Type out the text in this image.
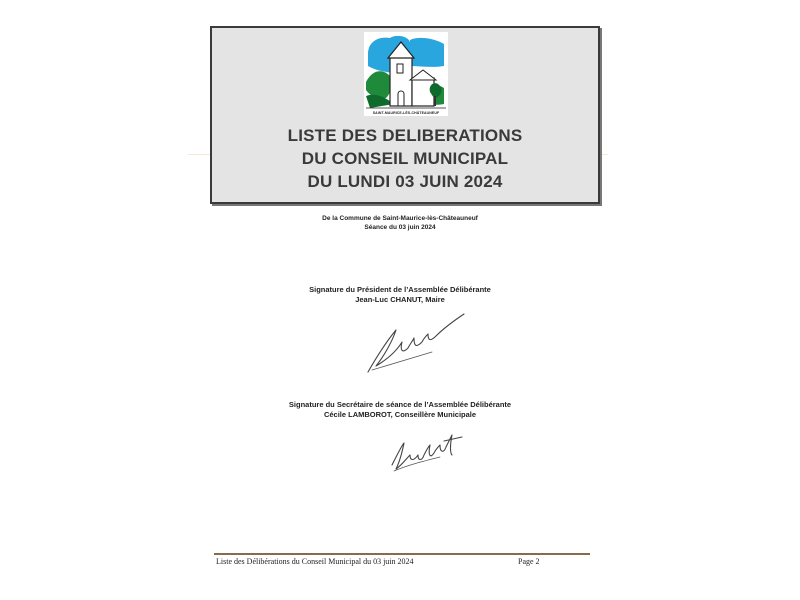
SAINT-MAURICE-LÈS-CHÂTEAUNEUF
LISTE DES DELIBERATIONS
DU CONSEIL MUNICIPAL
DU LUNDI 03 JUIN 2024
De la Commune de Saint-Maurice-lès-Châteauneuf
Séance du 03 juin 2024
Signature du Président de l’Assemblée Délibérante
Jean-Luc CHANUT, Maire
Signature du Secrétaire de séance de l’Assemblée Délibérante
Cécile LAMBOROT, Conseillère Municipale
Liste des Délibérations du Conseil Municipal du 03 juin 2024	Page 2
